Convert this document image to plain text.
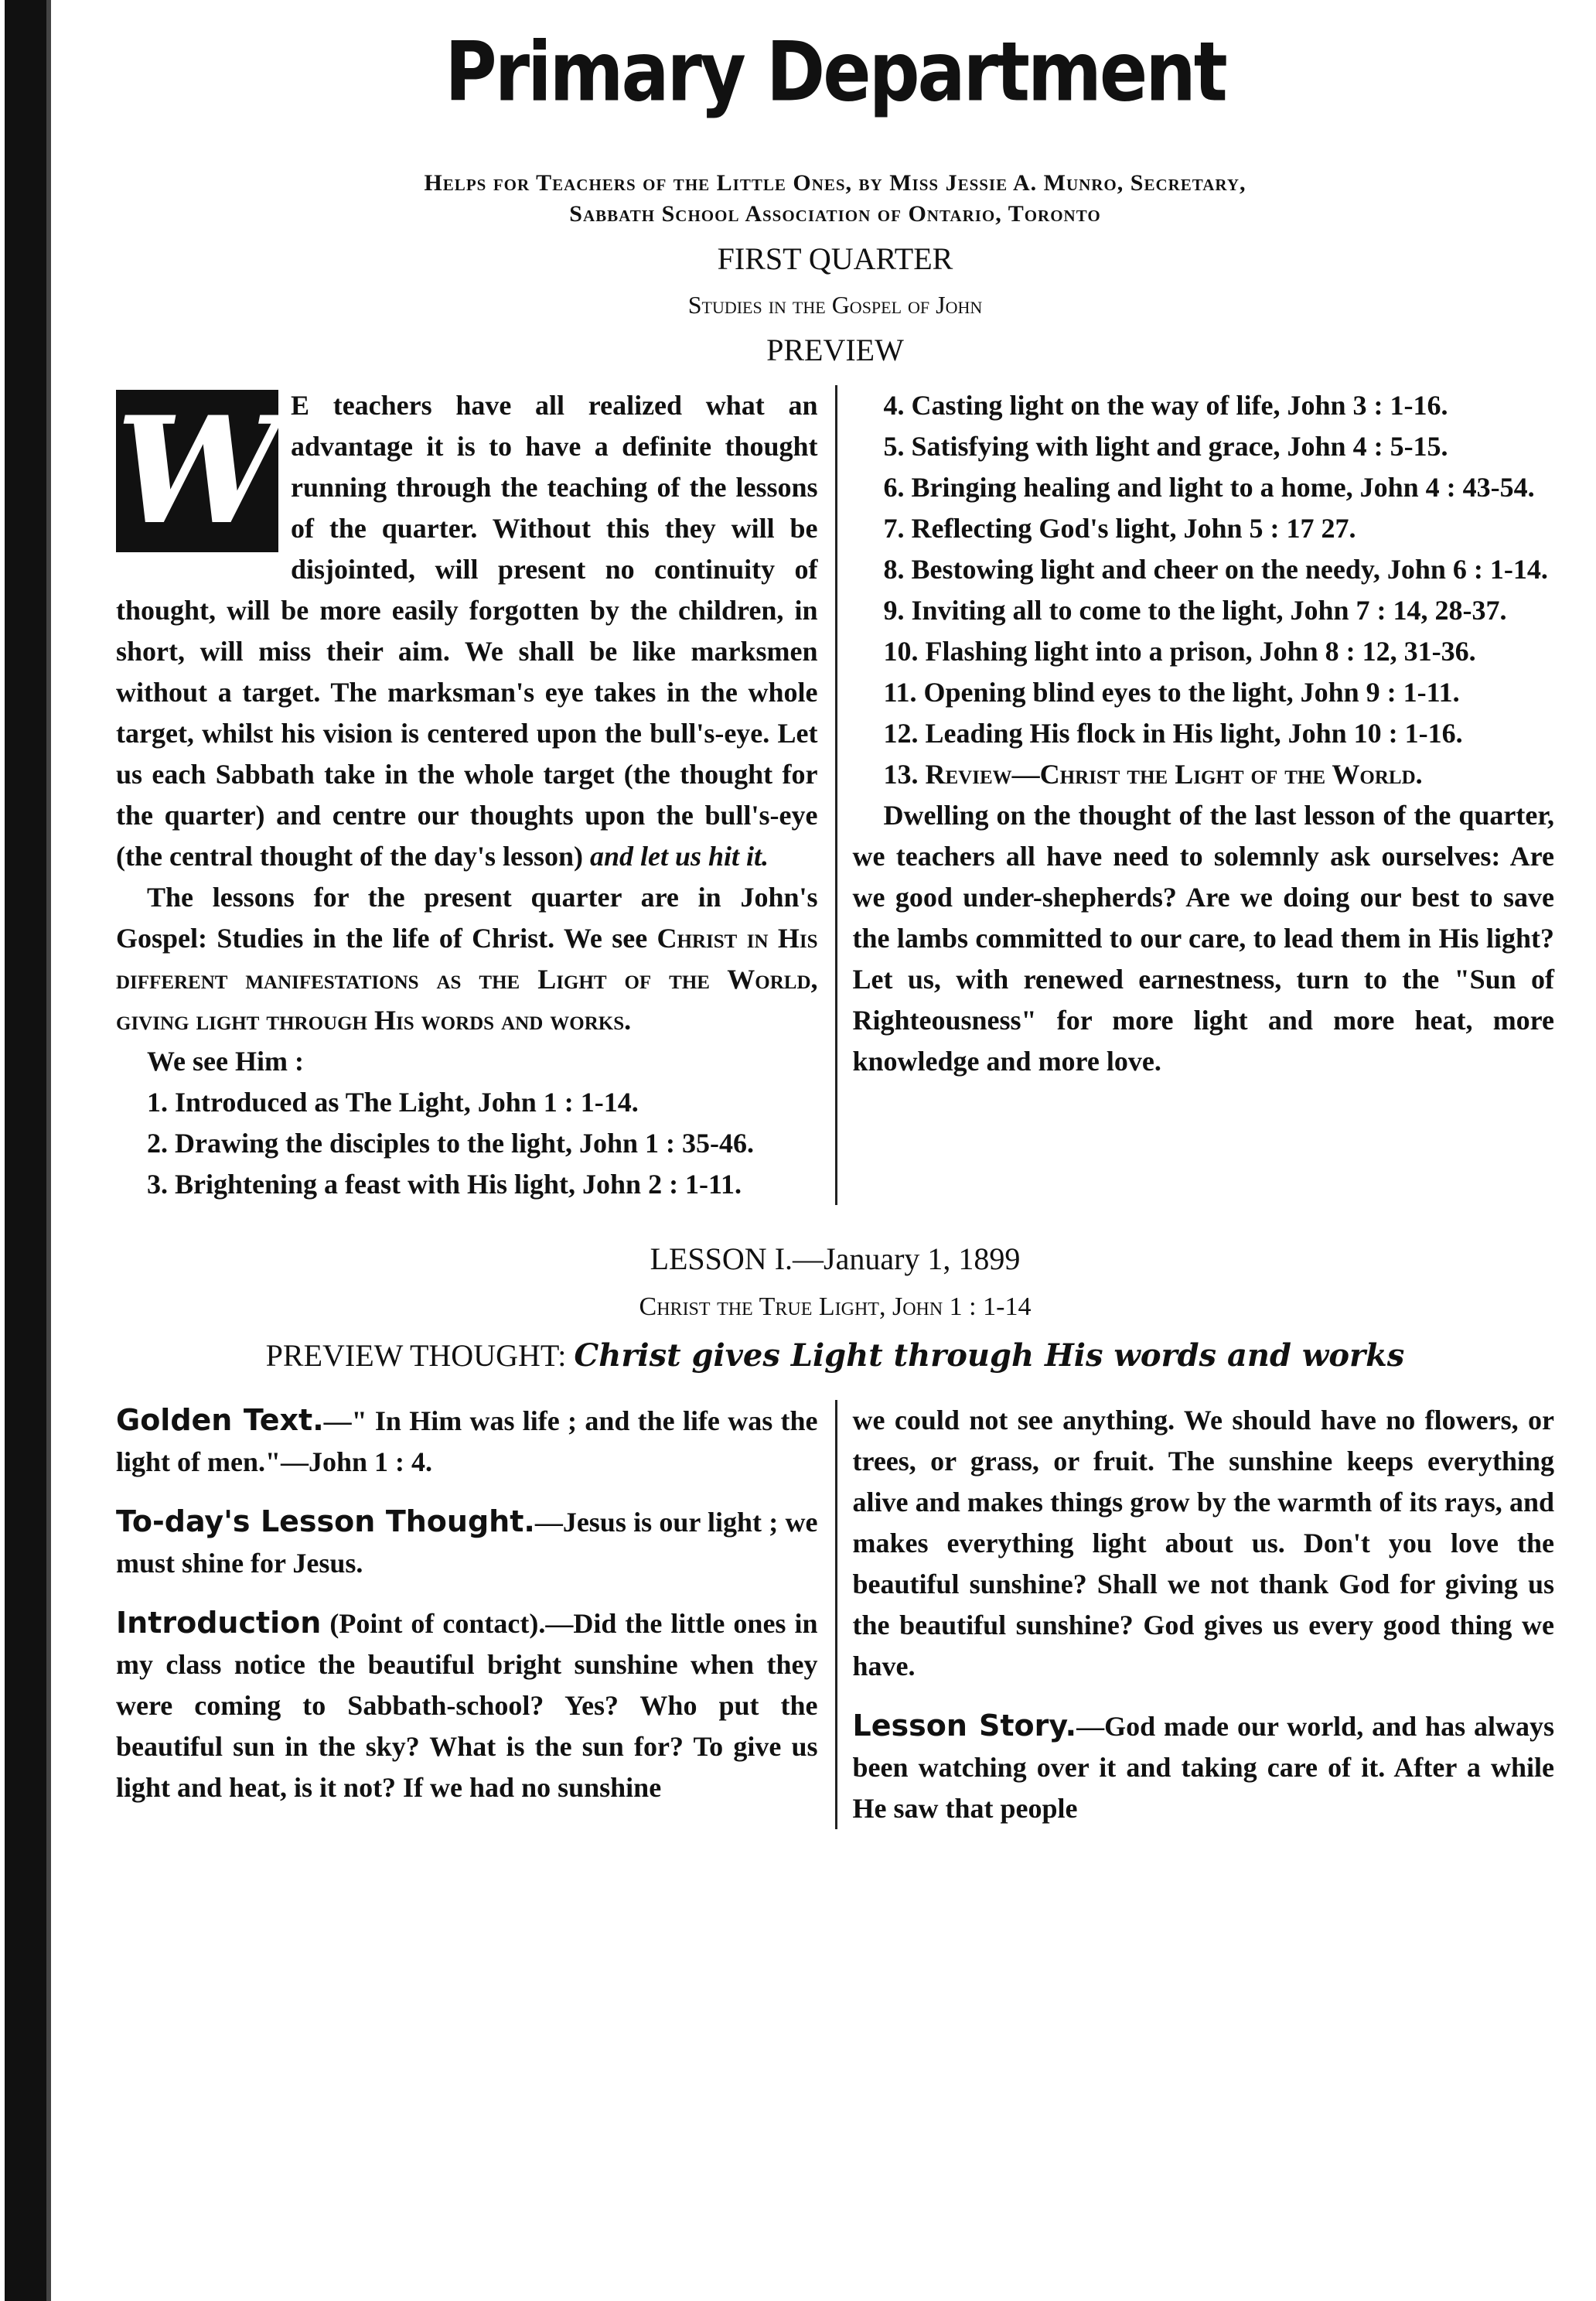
Primary Department
Helps for Teachers of the Little Ones, by Miss Jessie A. Munro, Secretary,
Sabbath School Association of Ontario, Toronto
FIRST QUARTER
Studies in the Gospel of John
PREVIEW
W E teachers have all realized what an advantage it is to have a definite thought running through the teaching of the lessons of the quarter. Without this they will be disjointed, will present no continuity of thought, will be more easily forgotten by the children, in short, will miss their aim. We shall be like marksmen without a target. The marksman's eye takes in the whole target, whilst his vision is centered upon the bull's-eye. Let us each Sabbath take in the whole target (the thought for the quarter) and centre our thoughts upon the bull's-eye (the central thought of the day's lesson) and let us hit it.

The lessons for the present quarter are in John's Gospel: Studies in the life of Christ. We see Christ in His different manifestations as the Light of the World, giving light through His words and works.

We see Him :

1. Introduced as The Light, John 1 : 1-14.

2. Drawing the disciples to the light, John 1 : 35-46.

3. Brightening a feast with His light, John 2 : 1-11.

4. Casting light on the way of life, John 3 : 1-16.

5. Satisfying with light and grace, John 4 : 5-15.

6. Bringing healing and light to a home, John 4 : 43-54.

7. Reflecting God's light, John 5 : 17 27.

8. Bestowing light and cheer on the needy, John 6 : 1-14.

9. Inviting all to come to the light, John 7 : 14, 28-37.

10. Flashing light into a prison, John 8 : 12, 31-36.

11. Opening blind eyes to the light, John 9 : 1-11.

12. Leading His flock in His light, John 10 : 1-16.

13. Review—Christ the Light of the World.

Dwelling on the thought of the last lesson of the quarter, we teachers all have need to solemnly ask ourselves: Are we good under-shepherds? Are we doing our best to save the lambs committed to our care, to lead them in His light? Let us, with renewed earnestness, turn to the "Sun of Righteousness" for more light and more heat, more knowledge and more love.

LESSON I.—January 1, 1899
Christ the True Light, John 1 : 1-14
PREVIEW THOUGHT: Christ gives Light through His words and works

Golden Text.—" In Him was life ; and the life was the light of men."—John 1 : 4.

To-day's Lesson Thought.—Jesus is our light ; we must shine for Jesus.

Introduction (Point of contact).—Did the little ones in my class notice the beautiful bright sunshine when they were coming to Sabbath-school? Yes? Who put the beautiful sun in the sky? What is the sun for? To give us light and heat, is it not? If we had no sunshine

we could not see anything. We should have no flowers, or trees, or grass, or fruit. The sunshine keeps everything alive and makes things grow by the warmth of its rays, and makes everything light about us. Don't you love the beautiful sunshine? Shall we not thank God for giving us the beautiful sunshine? God gives us every good thing we have.

Lesson Story.—God made our world, and has always been watching over it and taking care of it. After a while He saw that people
